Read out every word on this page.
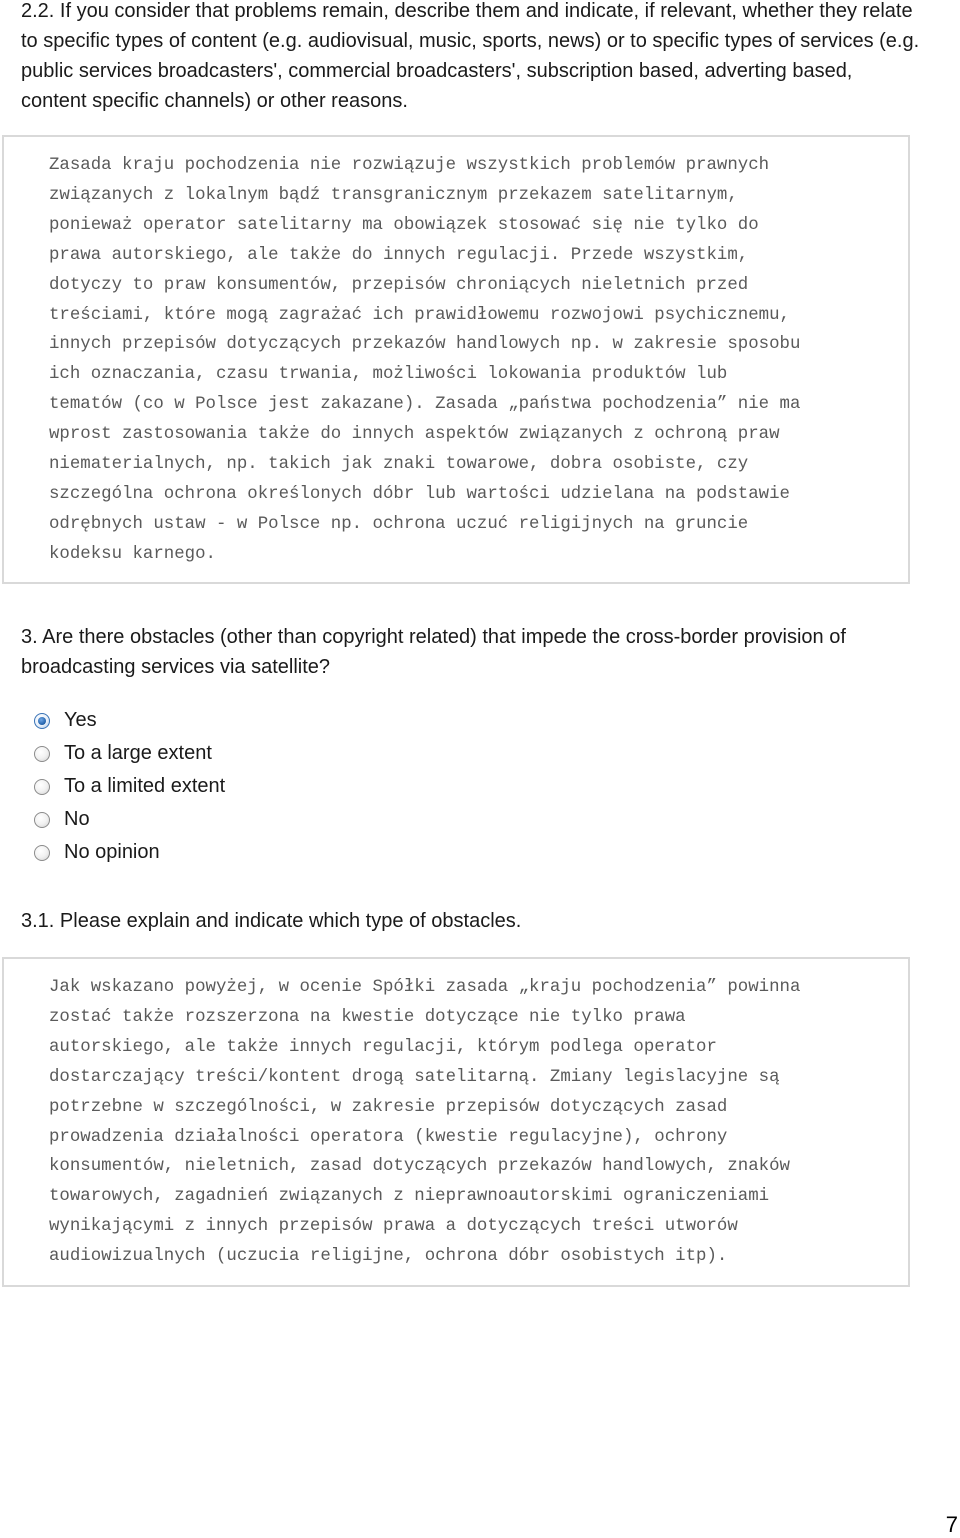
2.2. If you consider that problems remain, describe them and indicate, if relevant, whether they relate to specific types of content (e.g. audiovisual, music, sports, news) or to specific types of services (e.g. public services broadcasters', commercial broadcasters', subscription based, adverting based, content specific channels) or other reasons.

Zasada kraju pochodzenia nie rozwiązuje wszystkich problemów prawnych
związanych z lokalnym bądź transgranicznym przekazem satelitarnym,
ponieważ operator satelitarny ma obowiązek stosować się nie tylko do
prawa autorskiego, ale także do innych regulacji. Przede wszystkim,
dotyczy to praw konsumentów, przepisów chroniących nieletnich przed
treściami, które mogą zagrażać ich prawidłowemu rozwojowi psychicznemu,
innych przepisów dotyczących przekazów handlowych np. w zakresie sposobu
ich oznaczania, czasu trwania, możliwości lokowania produktów lub
tematów (co w Polsce jest zakazane). Zasada „państwa pochodzenia” nie ma
wprost zastosowania także do innych aspektów związanych z ochroną praw
niematerialnych, np. takich jak znaki towarowe, dobra osobiste, czy
szczególna ochrona określonych dóbr lub wartości udzielana na podstawie
odrębnych ustaw - w Polsce np. ochrona uczuć religijnych na gruncie
kodeksu karnego.

3. Are there obstacles (other than copyright related) that impede the cross-border provision of broadcasting services via satellite?

Yes
To a large extent
To a limited extent
No
No opinion

3.1. Please explain and indicate which type of obstacles.

Jak wskazano powyżej, w ocenie Spółki zasada „kraju pochodzenia” powinna
zostać także rozszerzona na kwestie dotyczące nie tylko prawa
autorskiego, ale także innych regulacji, którym podlega operator
dostarczający treści/kontent drogą satelitarną. Zmiany legislacyjne są
potrzebne w szczególności, w zakresie przepisów dotyczących zasad
prowadzenia działalności operatora (kwestie regulacyjne), ochrony
konsumentów, nieletnich, zasad dotyczących przekazów handlowych, znaków
towarowych, zagadnień związanych z nieprawnoautorskimi ograniczeniami
wynikającymi z innych przepisów prawa a dotyczących treści utworów
audiowizualnych (uczucia religijne, ochrona dóbr osobistych itp).

7
